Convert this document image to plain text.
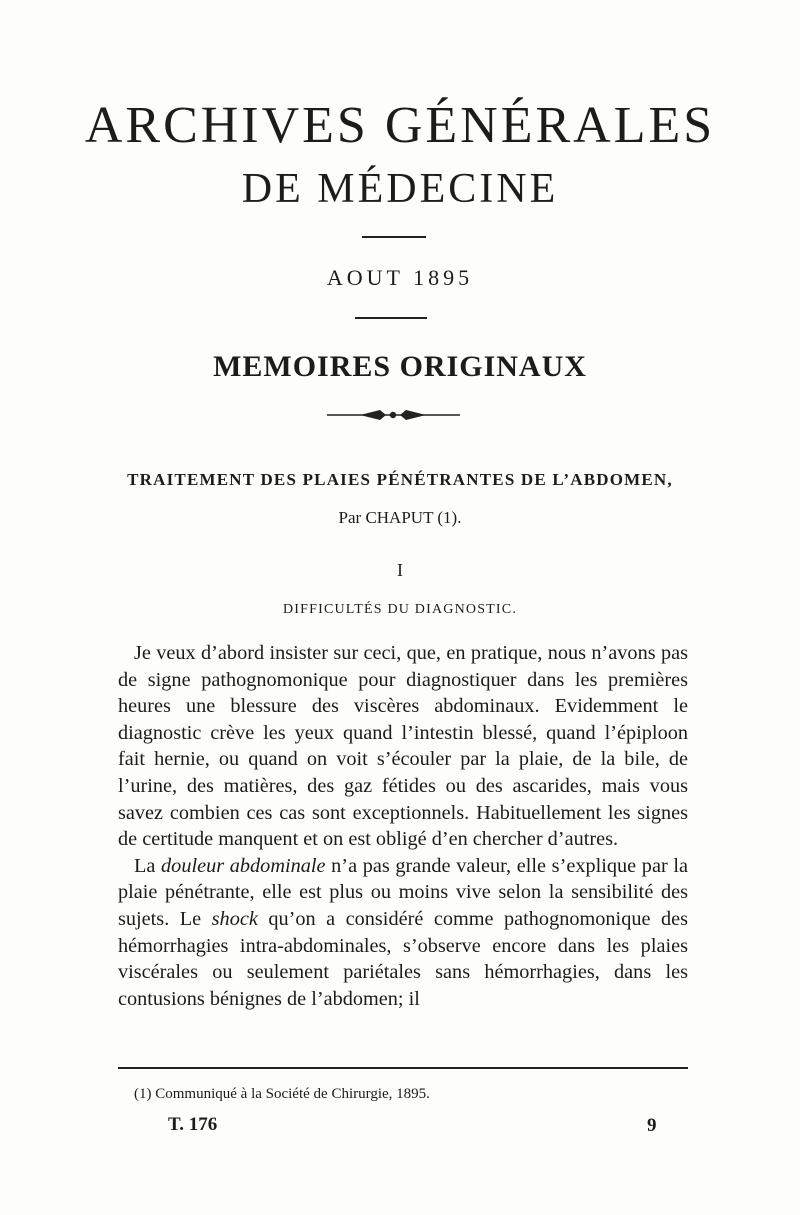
ARCHIVES GÉNÉRALES
DE MÉDECINE
AOUT 1895
MEMOIRES ORIGINAUX
TRAITEMENT DES PLAIES PÉNÉTRANTES DE L’ABDOMEN,
Par CHAPUT (1).
I
DIFFICULTÉS DU DIAGNOSTIC.

Je veux d’abord insister sur ceci, que, en pratique, nous n’avons pas de signe pathognomonique pour diagnostiquer dans les premières heures une blessure des viscères abdominaux. Evidemment le diagnostic crève les yeux quand l’intestin blessé, quand l’épiploon fait hernie, ou quand on voit s’écouler par la plaie, de la bile, de l’urine, des matières, des gaz fétides ou des ascarides, mais vous savez combien ces cas sont exceptionnels. Habituellement les signes de certitude manquent et on est obligé d’en chercher d’autres.

La douleur abdominale n’a pas grande valeur, elle s’explique par la plaie pénétrante, elle est plus ou moins vive selon la sensibilité des sujets. Le shock qu’on a considéré comme pathognomonique des hémorrhagies intra-abdominales, s’observe encore dans les plaies viscérales ou seulement pariétales sans hémorrhagies, dans les contusions bénignes de l’abdomen; il

(1) Communiqué à la Société de Chirurgie, 1895.
T. 176	9
